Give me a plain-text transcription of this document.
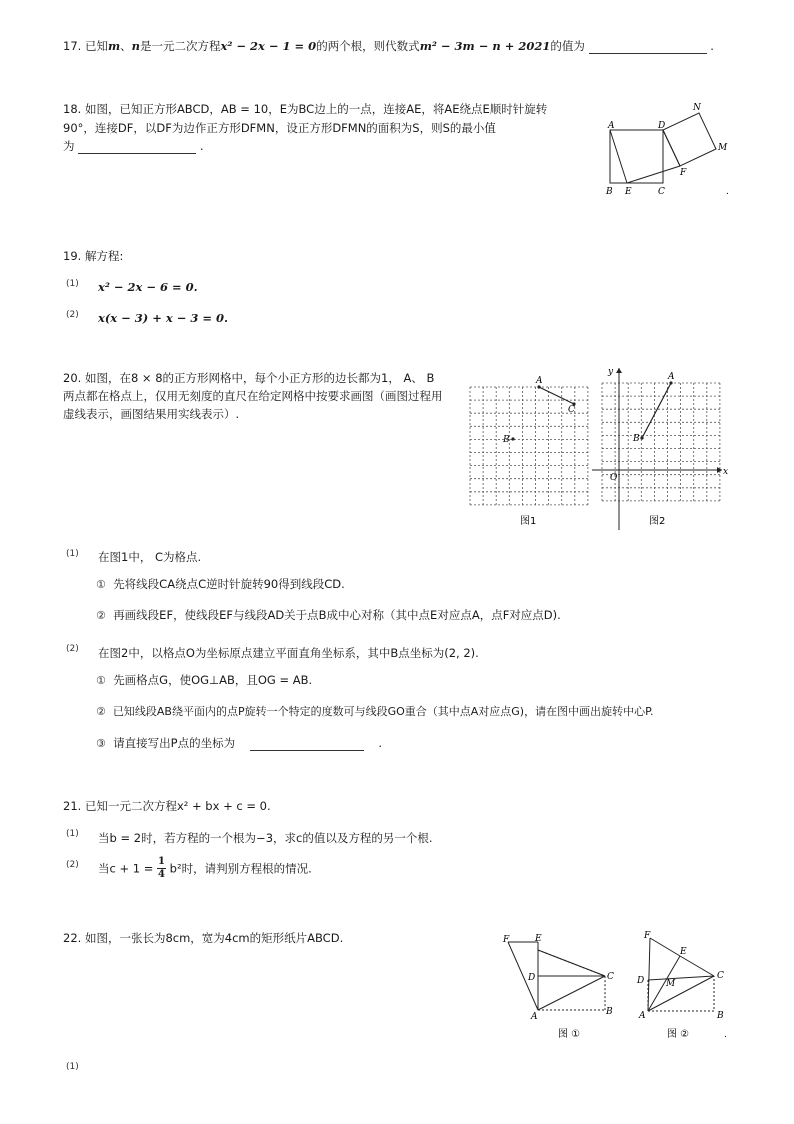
17. 已知m、n是一元二次方程x² − 2x − 1 = 0的两个根，则代数式m² − 3m − n + 2021的值为	.
18. 如图，已知正方形ABCD，AB = 10，E为BC边上的一点，连接AE，将AE绕点E顺时针旋转
90°，连接DF，以DF为边作正方形DFMN，设正方形DFMN的面积为S，则S的最小值
为	.
A
B	C
D
E
F
M
N
.
19. 解方程:
(1) x² − 2x − 6 = 0.
(2) x(x − 3) + x − 3 = 0.
20. 如图，在8 × 8的正方形网格中，每个小正方形的边长都为1， A、 B
两点都在格点上，仅用无刻度的直尺在给定网格中按要求画图（画图过程用
虚线表示，画图结果用实线表示）.
A
C
B
图1
A
B
O
x
y
图2
(1) 在图1中， C为格点.
① 先将线段CA绕点C逆时针旋转90得到线段CD.
② 再画线段EF，使线段EF与线段AD关于点B成中心对称（其中点E对应点A，点F对应点D).
(2) 在图2中，以格点O为坐标原点建立平面直角坐标系，其中B点坐标为(2, 2).
① 先画格点G，使OG⊥AB，且OG = AB.
② 已知线段AB绕平面内的点P旋转一个特定的度数可与线段GO重合（其中点A对应点G)，请在图中画出旋转中心P.
③ 请直接写出P点的坐标为	.
21. 已知一元二次方程x² + bx + c = 0.
(1) 当b = 2时，若方程的一个根为−3，求c的值以及方程的另一个根.
(2) 当$c + 1 = \frac{1}{4} b^2$时，请判别方程根的情况.
22. 如图，一张长为8cm，宽为4cm的矩形纸片ABCD.	F	E
D	C
A	B
图 ①
F
E
D M
C
A	B
图 ②	.
(1)
